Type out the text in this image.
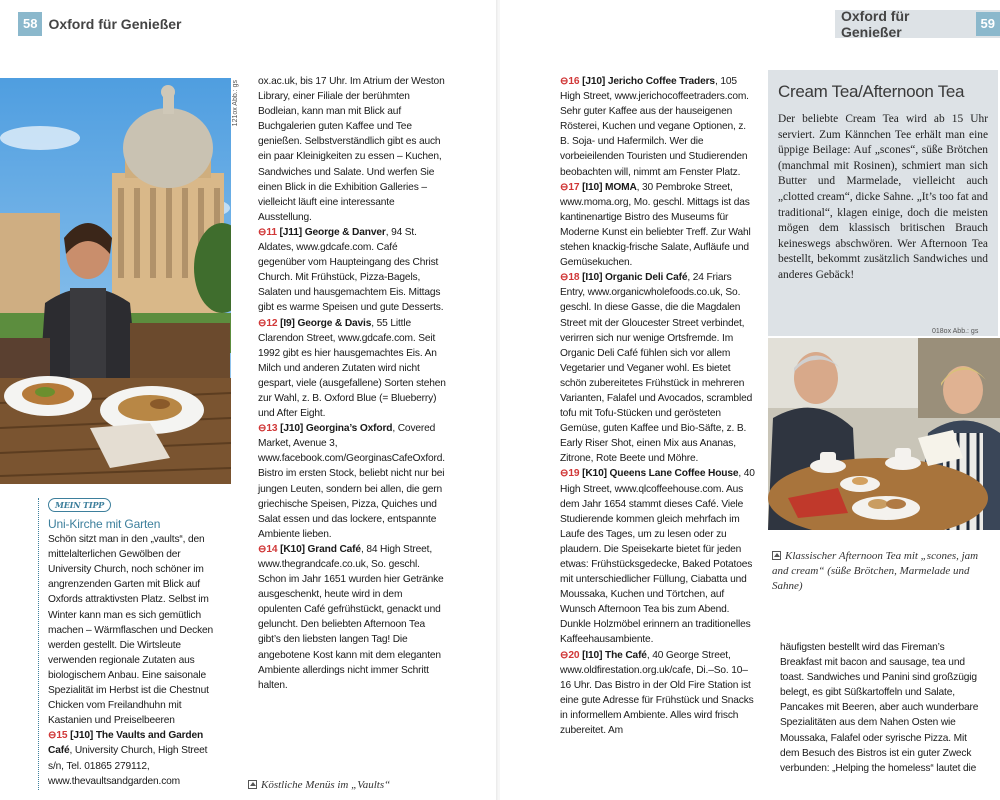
58 Oxford für Genießer
121ox Abb.: gs
MEIN TIPP
Uni-Kirche mit Garten

Schön sitzt man in den „vaults“, den mittelalterlichen Gewölben der University Church, noch schöner im angrenzenden Garten mit Blick auf Oxfords attraktivsten Platz. Selbst im Winter kann man es sich gemütlich machen – Wärmflaschen und Decken werden gestellt. Die Wirtsleute verwenden regionale Zutaten aus biologischem Anbau. Eine saisonale Spezialität im Herbst ist die Chestnut Chicken vom Freilandhuhn mit Kastanien und Preiselbeeren

⊖15 [J10] The Vaults and Garden Café, University Church, High Street s/n, Tel. 01865 279112, www.thevaultsandgarden.com

ox.ac.uk, bis 17 Uhr. Im Atrium der Weston Library, einer Filiale der berühmten Bodleian, kann man mit Blick auf Buchgalerien guten Kaffee und Tee genießen. Selbstverständlich gibt es auch ein paar Kleinigkeiten zu essen – Kuchen, Sandwiches und Salate. Und werfen Sie einen Blick in die Exhibition Galleries – vielleicht läuft eine interessante Ausstellung.

⊖11 [J11] George & Danver, 94 St. Aldates, www.gdcafe.com. Café gegenüber vom Haupteingang des Christ Church. Mit Frühstück, Pizza-Bagels, Salaten und hausgemachtem Eis. Mittags gibt es warme Speisen und gute Desserts.

⊖12 [I9] George & Davis, 55 Little Clarendon Street, www.gdcafe.com. Seit 1992 gibt es hier hausgemachtes Eis. An Milch und anderen Zutaten wird nicht gespart, viele (ausgefallene) Sorten stehen zur Wahl, z. B. Oxford Blue (= Blueberry) und After Eight.

⊖13 [J10] Georgina’s Oxford, Covered Market, Avenue 3, www.facebook.com/GeorginasCafeOxford. Bistro im ersten Stock, beliebt nicht nur bei jungen Leuten, sondern bei allen, die gern griechische Speisen, Pizza, Quiches und Salat essen und das lockere, entspannte Ambiente lieben.

⊖14 [K10] Grand Café, 84 High Street, www.thegrandcafe.co.uk, So. geschl. Schon im Jahr 1651 wurden hier Getränke ausgeschenkt, heute wird in dem opulenten Café gefrühstückt, genackt und geluncht. Den beliebten Afternoon Tea gibt’s den liebsten langen Tag! Die angebotene Kost kann mit dem eleganten Ambiente allerdings nicht immer Schritt halten.

Köstliche Menüs im „Vaults“

⊖16 [J10] Jericho Coffee Traders, 105 High Street, www.jerichocoffeetraders.com. Sehr guter Kaffee aus der hauseigenen Rösterei, Kuchen und vegane Optionen, z. B. Soja- und Hafermilch. Wer die vorbeieilenden Touristen und Studierenden beobachten will, nimmt am Fenster Platz.

⊖17 [I10] MOMA, 30 Pembroke Street, www.moma.org, Mo. geschl. Mittags ist das kantinenartige Bistro des Museums für Moderne Kunst ein beliebter Treff. Zur Wahl stehen knackig-frische Salate, Aufläufe und Gemüsekuchen.

⊖18 [I10] Organic Deli Café, 24 Friars Entry, www.organicwholefoods.co.uk, So. geschl. In diese Gasse, die die Magdalen Street mit der Gloucester Street verbindet, verirren sich nur wenige Ortsfremde. Im Organic Deli Café fühlen sich vor allem Vegetarier und Veganer wohl. Es bietet schön zubereitetes Frühstück in mehreren Varianten, Falafel und Avocados, scrambled tofu mit Tofu-Stücken und gerösteten Gemüse, guten Kaffee und Bio-Säfte, z. B. Early Riser Shot, einen Mix aus Ananas, Zitrone, Rote Beete und Möhre.

⊖19 [K10] Queens Lane Coffee House, 40 High Street, www.qlcoffeehouse.com. Aus dem Jahr 1654 stammt dieses Café. Viele Studierende kommen gleich mehrfach im Laufe des Tages, um zu lesen oder zu plaudern. Die Speisekarte bietet für jeden etwas: Frühstücksgedecke, Baked Potatoes mit unterschiedlicher Füllung, Ciabatta und Moussaka, Kuchen und Törtchen, auf Wunsch Afternoon Tea bis zum Abend. Dunkle Holzmöbel erinnern an traditionelles Kaffeehausambiente.

⊖20 [I10] The Café, 40 George Street, www.oldfirestation.org.uk/cafe, Di.–So. 10–16 Uhr. Das Bistro in der Old Fire Station ist eine gute Adresse für Frühstück und Snacks in informellem Ambiente. Alles wird frisch zubereitet. Am

Oxford für Genießer
59
Cream Tea/Afternoon Tea
Der beliebte Cream Tea wird ab 15 Uhr serviert. Zum Kännchen Tee erhält man eine üppige Beilage: Auf „scones“, süße Brötchen (manchmal mit Rosinen), schmiert man sich Butter und Marmelade, vielleicht auch „clotted cream“, dicke Sahne. „It’s too fat and traditional“, klagen einige, doch die meisten mögen dem klassisch britischen Brauch keineswegs abschwören. Wer Afternoon Tea bestellt, bekommt zusätzlich Sandwiches und anderes Gebäck!
018ox Abb.: gs
Klassischer Afternoon Tea mit „scones, jam and cream“ (süße Brötchen, Marmelade und Sahne)

häufigsten bestellt wird das Fireman’s Breakfast mit bacon and sausage, tea und toast. Sandwiches und Panini sind großzügig belegt, es gibt Süßkartoffeln und Salate, Pancakes mit Beeren, aber auch wunderbare Spezialitäten aus dem Nahen Osten wie Moussaka, Falafel oder syrische Pizza. Mit dem Besuch des Bistros ist ein guter Zweck verbunden: „Helping the homeless“ lautet die
